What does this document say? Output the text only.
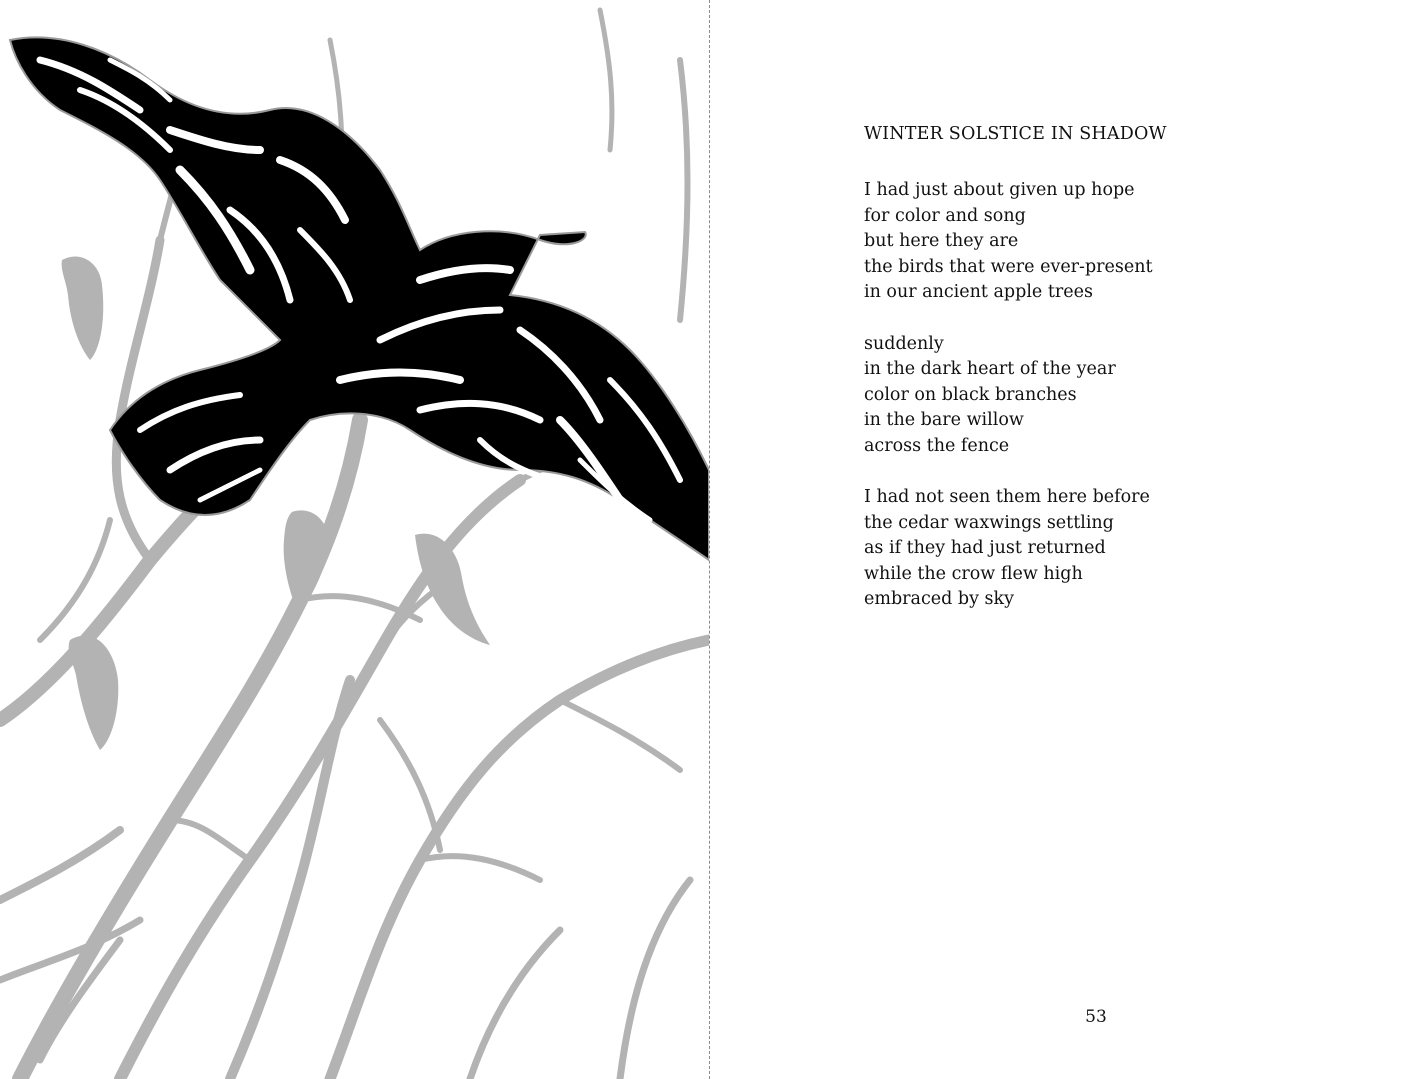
WINTER SOLSTICE IN SHADOW
I had just about given up hope
for color and song
but here they are
the birds that were ever-present
in our ancient apple trees
suddenly
in the dark heart of the year
color on black branches
in the bare willow
across the fence
I had not seen them here before
the cedar waxwings settling
as if they had just returned
while the crow flew high
embraced by sky
53
